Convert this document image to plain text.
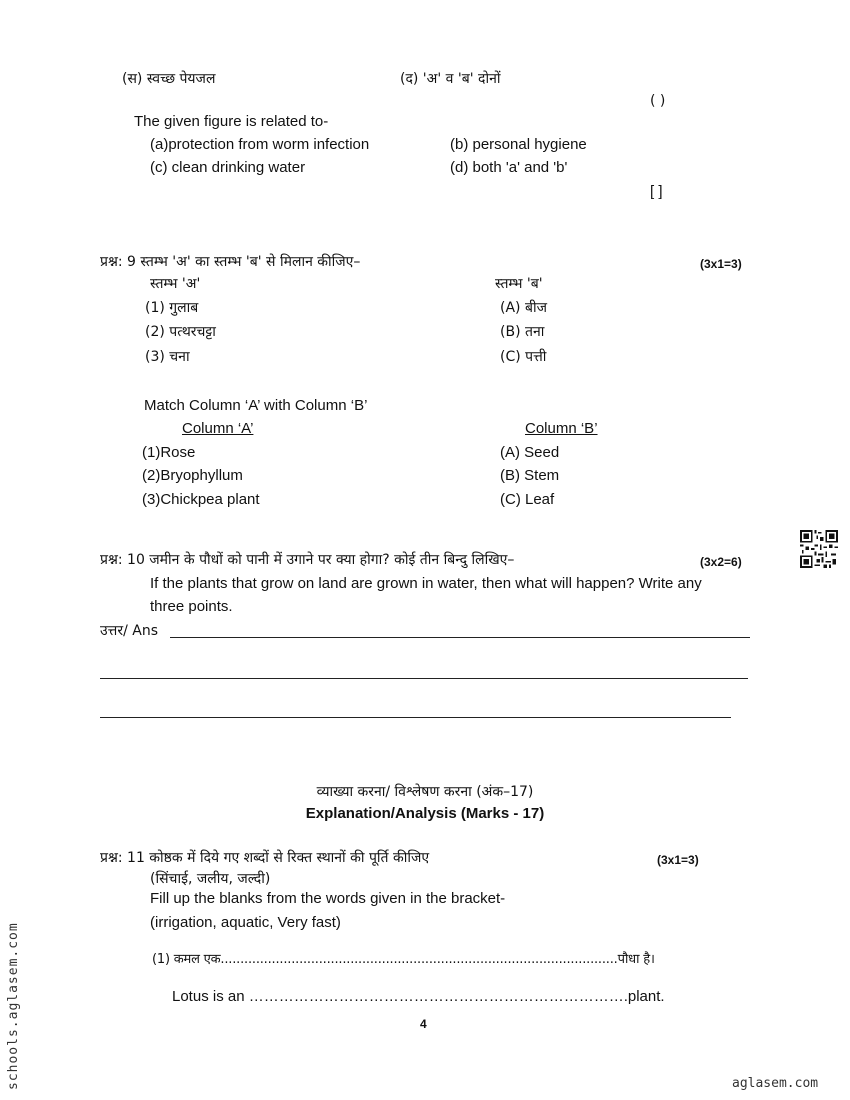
(स) स्वच्छ पेयजल	(द) 'अ' व 'ब' दोनों
( )
The given figure is related to-
(a)protection from worm infection	(b) personal hygiene
(c) clean drinking water	(d) both 'a' and 'b'
[ ]
प्रश्न: 9 स्तम्भ 'अ' का स्तम्भ 'ब' से मिलान कीजिए–	(3x1=3)
स्तम्भ 'अ'	स्तम्भ 'ब'
(1) गुलाब	(A) बीज
(2) पत्थरचट्टा	(B) तना
(3) चना	(C) पत्ती
Match Column ‘A’ with Column ‘B’
Column ‘A’	Column ‘B’
(1)Rose	(A) Seed
(2)Bryophyllum	(B) Stem
(3)Chickpea plant	(C) Leaf
प्रश्न: 10 जमीन के पौधों को पानी में उगाने पर क्या होगा? कोई तीन बिन्दु लिखिए–	(3x2=6)
If the plants that grow on land are grown in water, then what will happen? Write any
three points.
उत्तर/ Ans
व्याख्या करना/ विश्लेषण करना (अंक–17)
Explanation/Analysis (Marks - 17)
प्रश्न: 11 कोष्ठक में दिये गए शब्दों से रिक्त स्थानों की पूर्ति कीजिए	(3x1=3)
(सिंचाई, जलीय, जल्दी)
Fill up the blanks from the words given in the bracket-
(irrigation, aquatic, Very fast)
(1) कमल एक.....................................................................................................पौधा है।
Lotus is an ………………………………………………………………….plant.
4
aglasem.com
schools.aglasem.com
